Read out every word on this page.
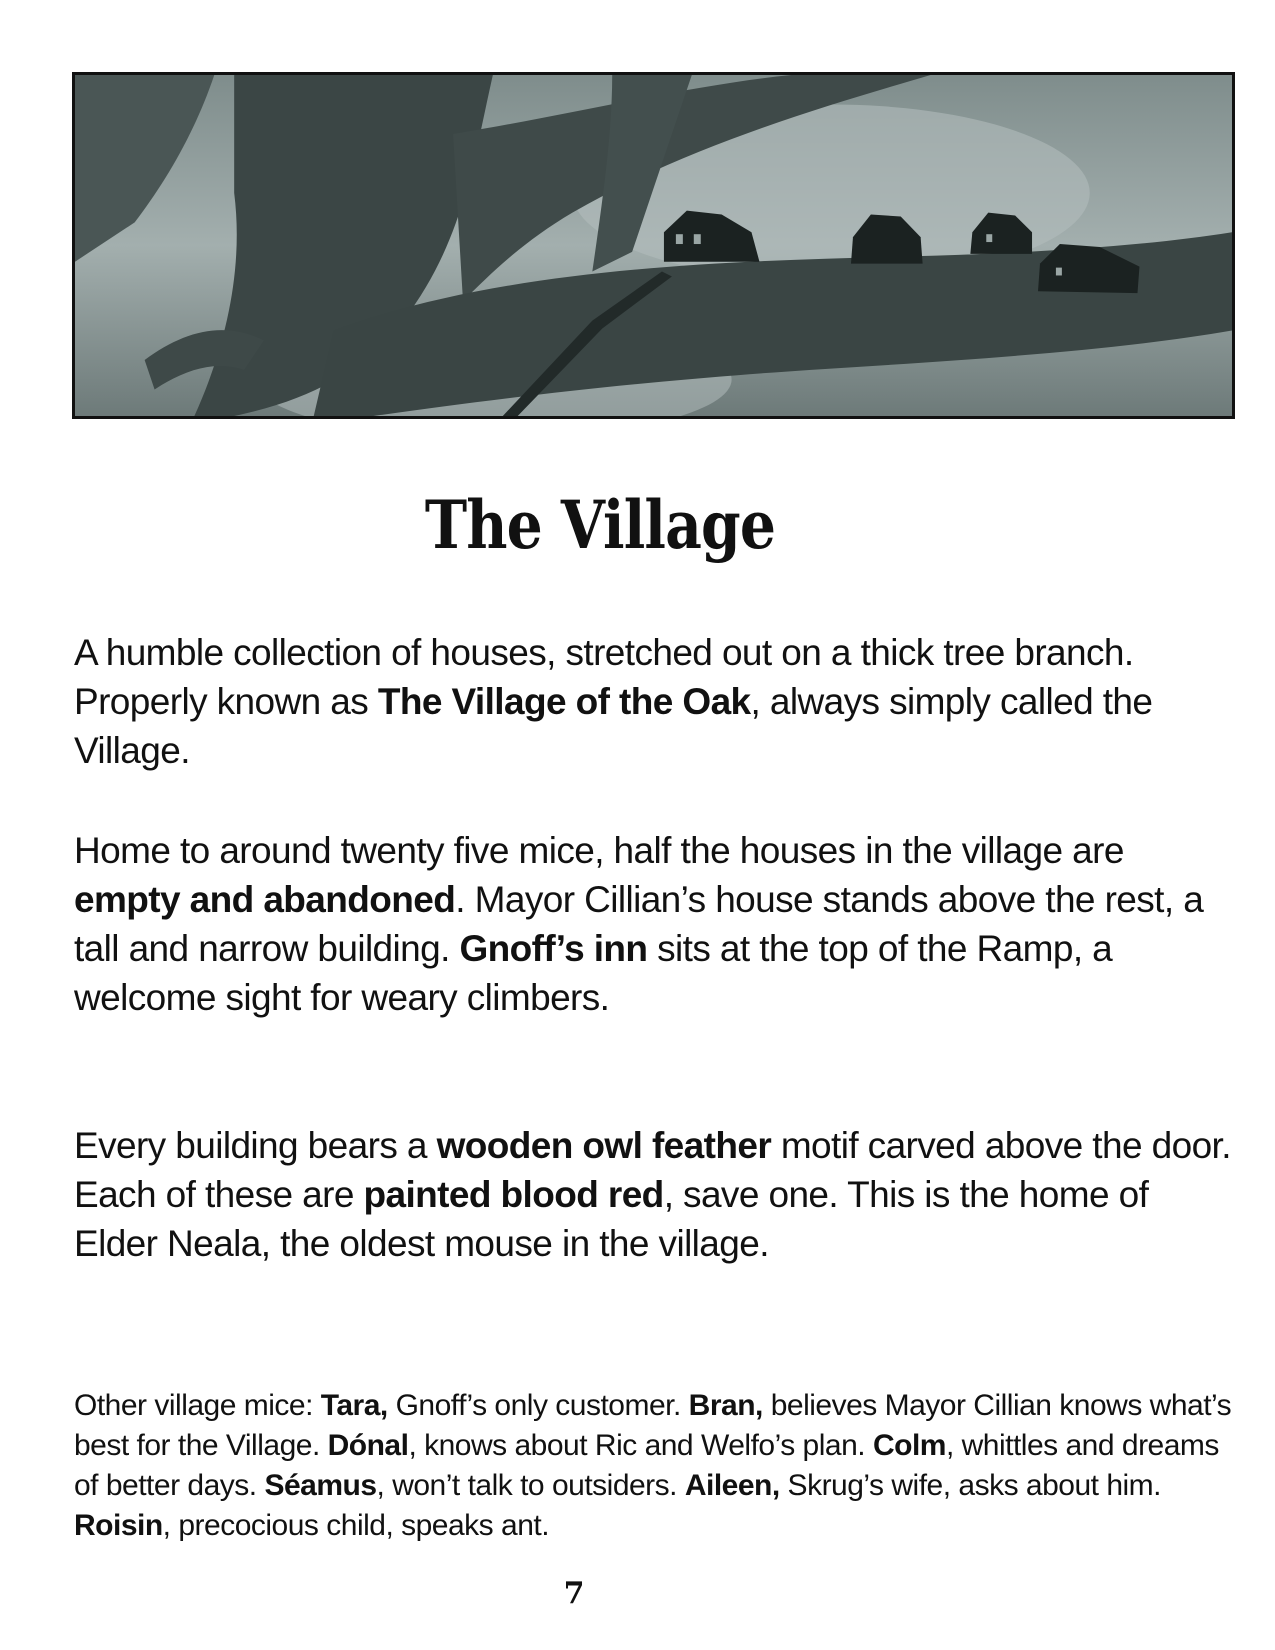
The Village

A humble collection of houses, stretched out on a thick tree branch. Properly known as The Village of the Oak, always simply called the Village.

Home to around twenty five mice, half the houses in the village are empty and abandoned. Mayor Cillian’s house stands above the rest, a tall and narrow building. Gnoff’s inn sits at the top of the Ramp, a welcome sight for weary climbers.

Every building bears a wooden owl feather motif carved above the door. Each of these are painted blood red, save one. This is the home of Elder Neala, the oldest mouse in the village.

Other village mice: Tara, Gnoff’s only customer. Bran, believes Mayor Cillian knows what’s best for the Village. Dónal, knows about Ric and Welfo’s plan. Colm, whittles and dreams of better days. Séamus, won’t talk to outsiders. Aileen, Skrug’s wife, asks about him. Roisin, precocious child, speaks ant.

7
